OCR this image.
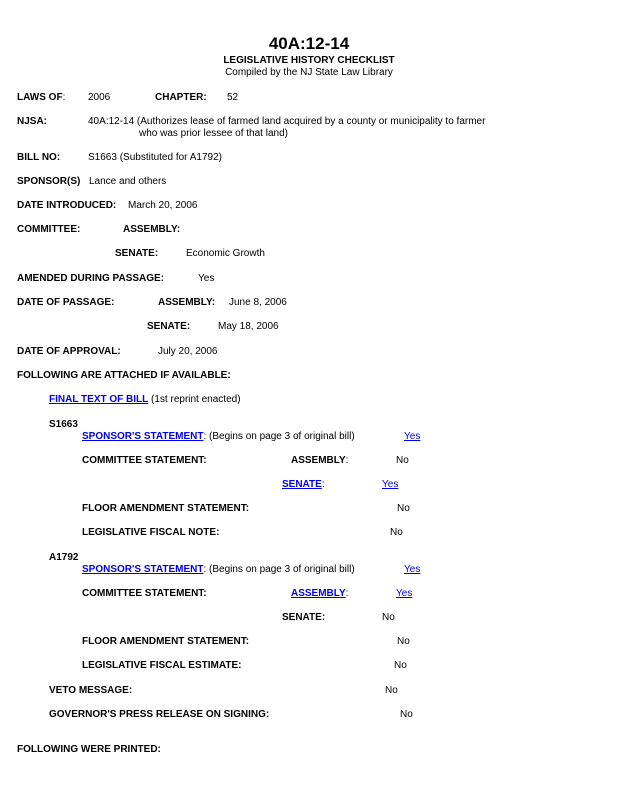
40A:12-14
LEGISLATIVE HISTORY CHECKLIST
Compiled by the NJ State Law Library
LAWS OF: 2006	CHAPTER: 52
NJSA:	40A:12-14 (Authorizes lease of farmed land acquired by a county or municipality to farmer
who was prior lessee of that land)
BILL NO:	S1663 (Substituted for A1792)
SPONSOR(S) Lance and others
DATE INTRODUCED: March 20, 2006
COMMITTEE:	ASSEMBLY:
SENATE:	Economic Growth
AMENDED DURING PASSAGE:	Yes
DATE OF PASSAGE:	ASSEMBLY: June 8, 2006
SENATE:	May 18, 2006
DATE OF APPROVAL:	July 20, 2006
FOLLOWING ARE ATTACHED IF AVAILABLE:
FINAL TEXT OF BILL (1st reprint enacted)
S1663
SPONSOR'S STATEMENT: (Begins on page 3 of original bill)	Yes
COMMITTEE STATEMENT:	ASSEMBLY:	No
SENATE:	Yes
FLOOR AMENDMENT STATEMENT:	No
LEGISLATIVE FISCAL NOTE:	No
A1792
SPONSOR'S STATEMENT: (Begins on page 3 of original bill)	Yes
COMMITTEE STATEMENT:	ASSEMBLY:	Yes
SENATE:	No
FLOOR AMENDMENT STATEMENT:	No
LEGISLATIVE FISCAL ESTIMATE:	No
VETO MESSAGE:	No
GOVERNOR'S PRESS RELEASE ON SIGNING:	No
FOLLOWING WERE PRINTED:
